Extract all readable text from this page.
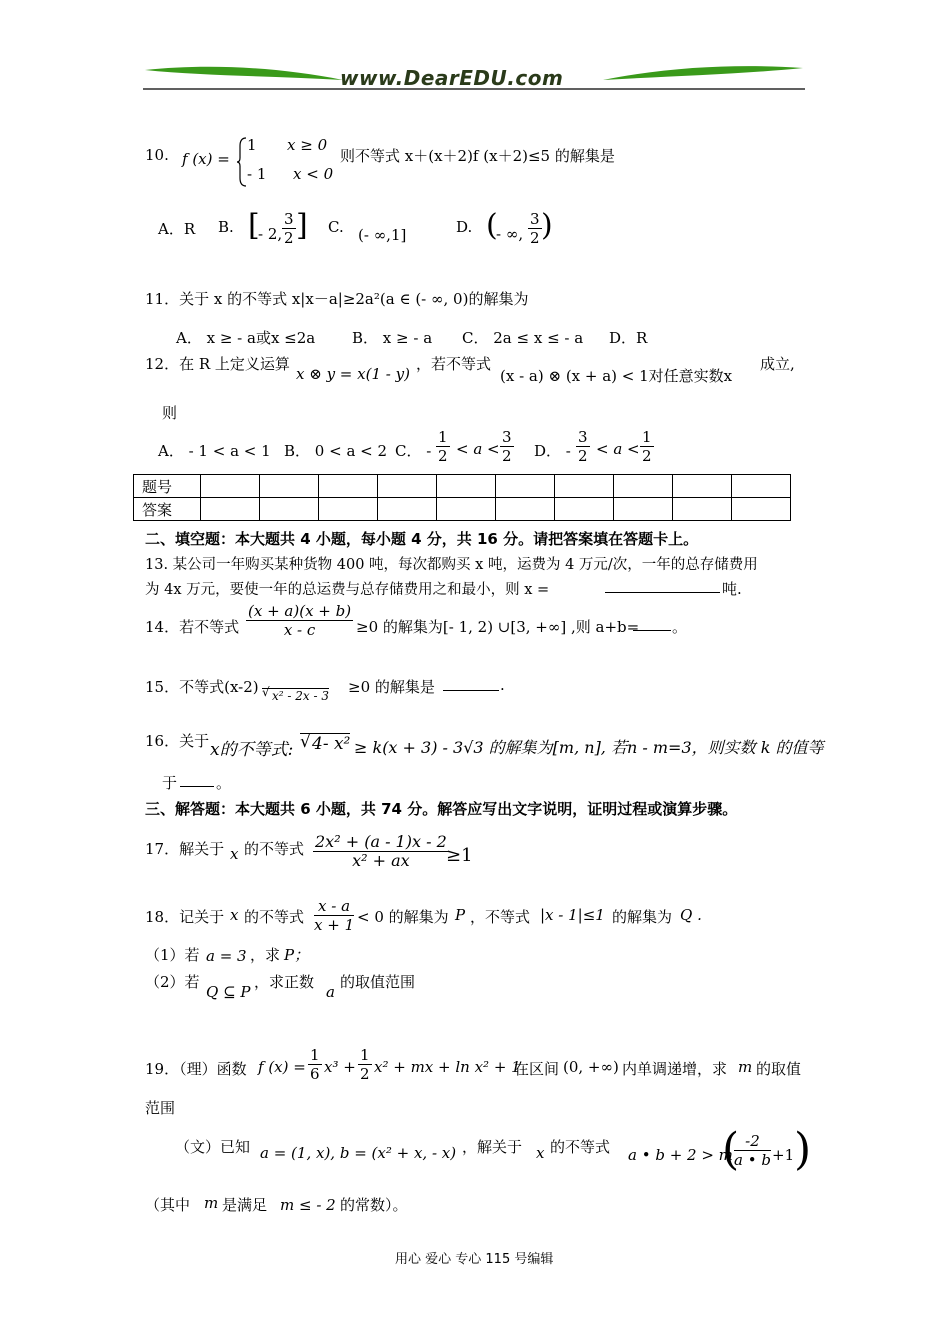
www.DearEDU.com
10. f (x) =
1 x ≥ 0
- 1 x < 0
则不等式 x＋(x＋2)f (x＋2)≤5 的解集是
A．R B. [
- 2, $\frac{3}{2}$ ] C. (- ∞,1]	D. (
- ∞, $\frac{3}{2}$ )
11．关于 x 的不等式 x|x－a|≥2a²(a ∈ (- ∞, 0)的解集为
A． x ≥ - a或x ≤2a B． x ≥ - a C． 2a ≤ x ≤ - a D．R
12．在 R 上定义运算
x ⊗ y = x(1 - y)
，若不等式
(x - a) ⊗ (x + a) < 1对任意实数x
成立,
则
A． - 1 < a < 1 B． 0 < a < 2 C． - $\frac{1}{2} < a < \frac{3}{2}$ D． - $\frac{3}{2} < a < \frac{1}{2}$
题号										
答案										
二、填空题：本大题共 4 小题，每小题 4 分，共 16 分。请把答案填在答题卡上。
13. 某公司一年购买某种货物 400 吨，每次都购买 x 吨，运费为 4 万元/次，一年的总存储费用
为 4x 万元，要使一年的总运费与总存储费用之和最小，则 x =	吨.
14．若不等式 $\frac{(x + a)(x + b)}{x - c} \ge 0$ 的解集为[- 1, 2) ∪[3, +∞] ,则 a+b= 。
15．不等式(x-2) √ x² - 2x - 3 ≥0 的解集是	.
16．关于 x的不等式: √ 4- x² ≥ k(x + 3) - 3√3 的解集为[m, n], 若n - m=3，则实数 k 的值等
于	。
三、解答题：本大题共 6 小题，共 74 分。解答应写出文字说明，证明过程或演算步骤。
17．解关于 x 的不等式 $\frac{\text{2x² + (a - 1)x - 2}}{\text{x² + ax}}$
≥1
18．记关于 x 的不等式 $\frac{x - a}{x + 1} < 0$ 的解集为 P ，不等式 |x - 1|≤1 的解集为 Q .
（1）若 a = 3 ，求 P；
（2）若
Q ⊆ P
，求正数
a
的取值范围
19．（理）函数 f $(x) = \frac{1}{6} x^3 + \frac{1}{2} x^2$ + mx + ln x² + 1
在区间 (0, +∞) 内单调递增，求 m 的取值
范围
（文）已知 a = (1, x), b = (x² + x, - x) ，解关于 x 的不等式 a • b + 2 > m
(
$\frac{-2}{a • b} +1$ )
（其中 m 是满足 m ≤ - 2 的常数）。
用心 爱心 专心 115 号编辑
